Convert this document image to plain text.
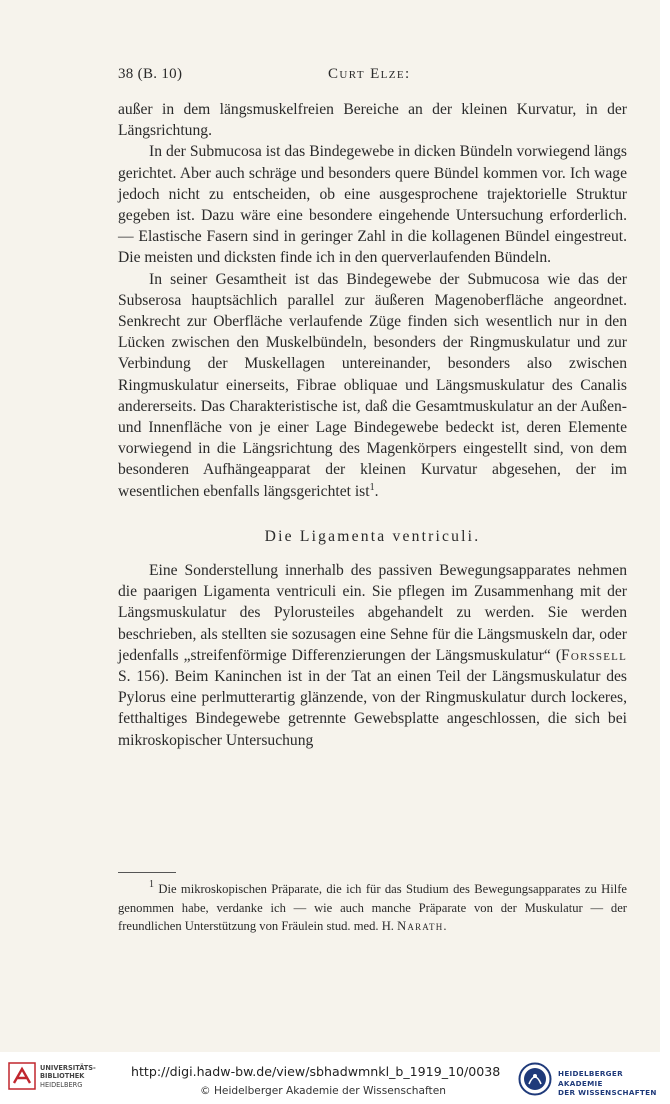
38 (B. 10)	Curt Elze:

außer in dem längsmuskelfreien Bereiche an der kleinen Kurvatur, in der Längsrichtung.

In der Submucosa ist das Bindegewebe in dicken Bündeln vorwiegend längs gerichtet. Aber auch schräge und besonders quere Bündel kommen vor. Ich wage jedoch nicht zu entscheiden, ob eine ausgesprochene trajektorielle Struktur gegeben ist. Dazu wäre eine besondere eingehende Untersuchung erforderlich. — Elastische Fasern sind in geringer Zahl in die kollagenen Bündel eingestreut. Die meisten und dicksten finde ich in den querverlaufenden Bündeln.

In seiner Gesamtheit ist das Bindegewebe der Submucosa wie das der Subserosa hauptsächlich parallel zur äußeren Magenoberfläche angeordnet. Senkrecht zur Oberfläche verlaufende Züge finden sich wesentlich nur in den Lücken zwischen den Muskelbündeln, besonders der Ringmuskulatur und zur Verbindung der Muskellagen untereinander, besonders also zwischen Ringmuskulatur einerseits, Fibrae obliquae und Längsmuskulatur des Canalis andererseits. Das Charakteristische ist, daß die Gesamtmuskulatur an der Außen- und Innenfläche von je einer Lage Bindegewebe bedeckt ist, deren Elemente vorwiegend in die Längsrichtung des Magenkörpers eingestellt sind, von dem besonderen Aufhängeapparat der kleinen Kurvatur abgesehen, der im wesentlichen ebenfalls längsgerichtet ist$^1$.

Die Ligamenta ventriculi.

Eine Sonderstellung innerhalb des passiven Bewegungsapparates nehmen die paarigen Ligamenta ventriculi ein. Sie pflegen im Zusammenhang mit der Längsmuskulatur des Pylorusteiles abgehandelt zu werden. Sie werden beschrieben, als stellten sie sozusagen eine Sehne für die Längsmuskeln dar, oder jedenfalls „streifenförmige Differenzierungen der Längsmuskulatur“ (Forssell S. 156). Beim Kaninchen ist in der Tat an einen Teil der Längsmuskulatur des Pylorus eine perlmutterartig glänzende, von der Ringmuskulatur durch lockeres, fetthaltiges Bindegewebe getrennte Gewebsplatte angeschlossen, die sich bei mikroskopischer Untersuchung

$^1$ Die mikroskopischen Präparate, die ich für das Studium des Bewegungsapparates zu Hilfe genommen habe, verdanke ich — wie auch manche Präparate von der Muskulatur — der freundlichen Unterstützung von Fräulein stud. med. H. Narath.

UNIVERSITÄTS-
BIBLIOTHEK
HEIDELBERG
http://digi.hadw-bw.de/view/sbhadwmnkl_b_1919_10/0038
© Heidelberger Akademie der Wissenschaften
HEIDELBERGER AKADEMIE
DER WISSENSCHAFTEN
